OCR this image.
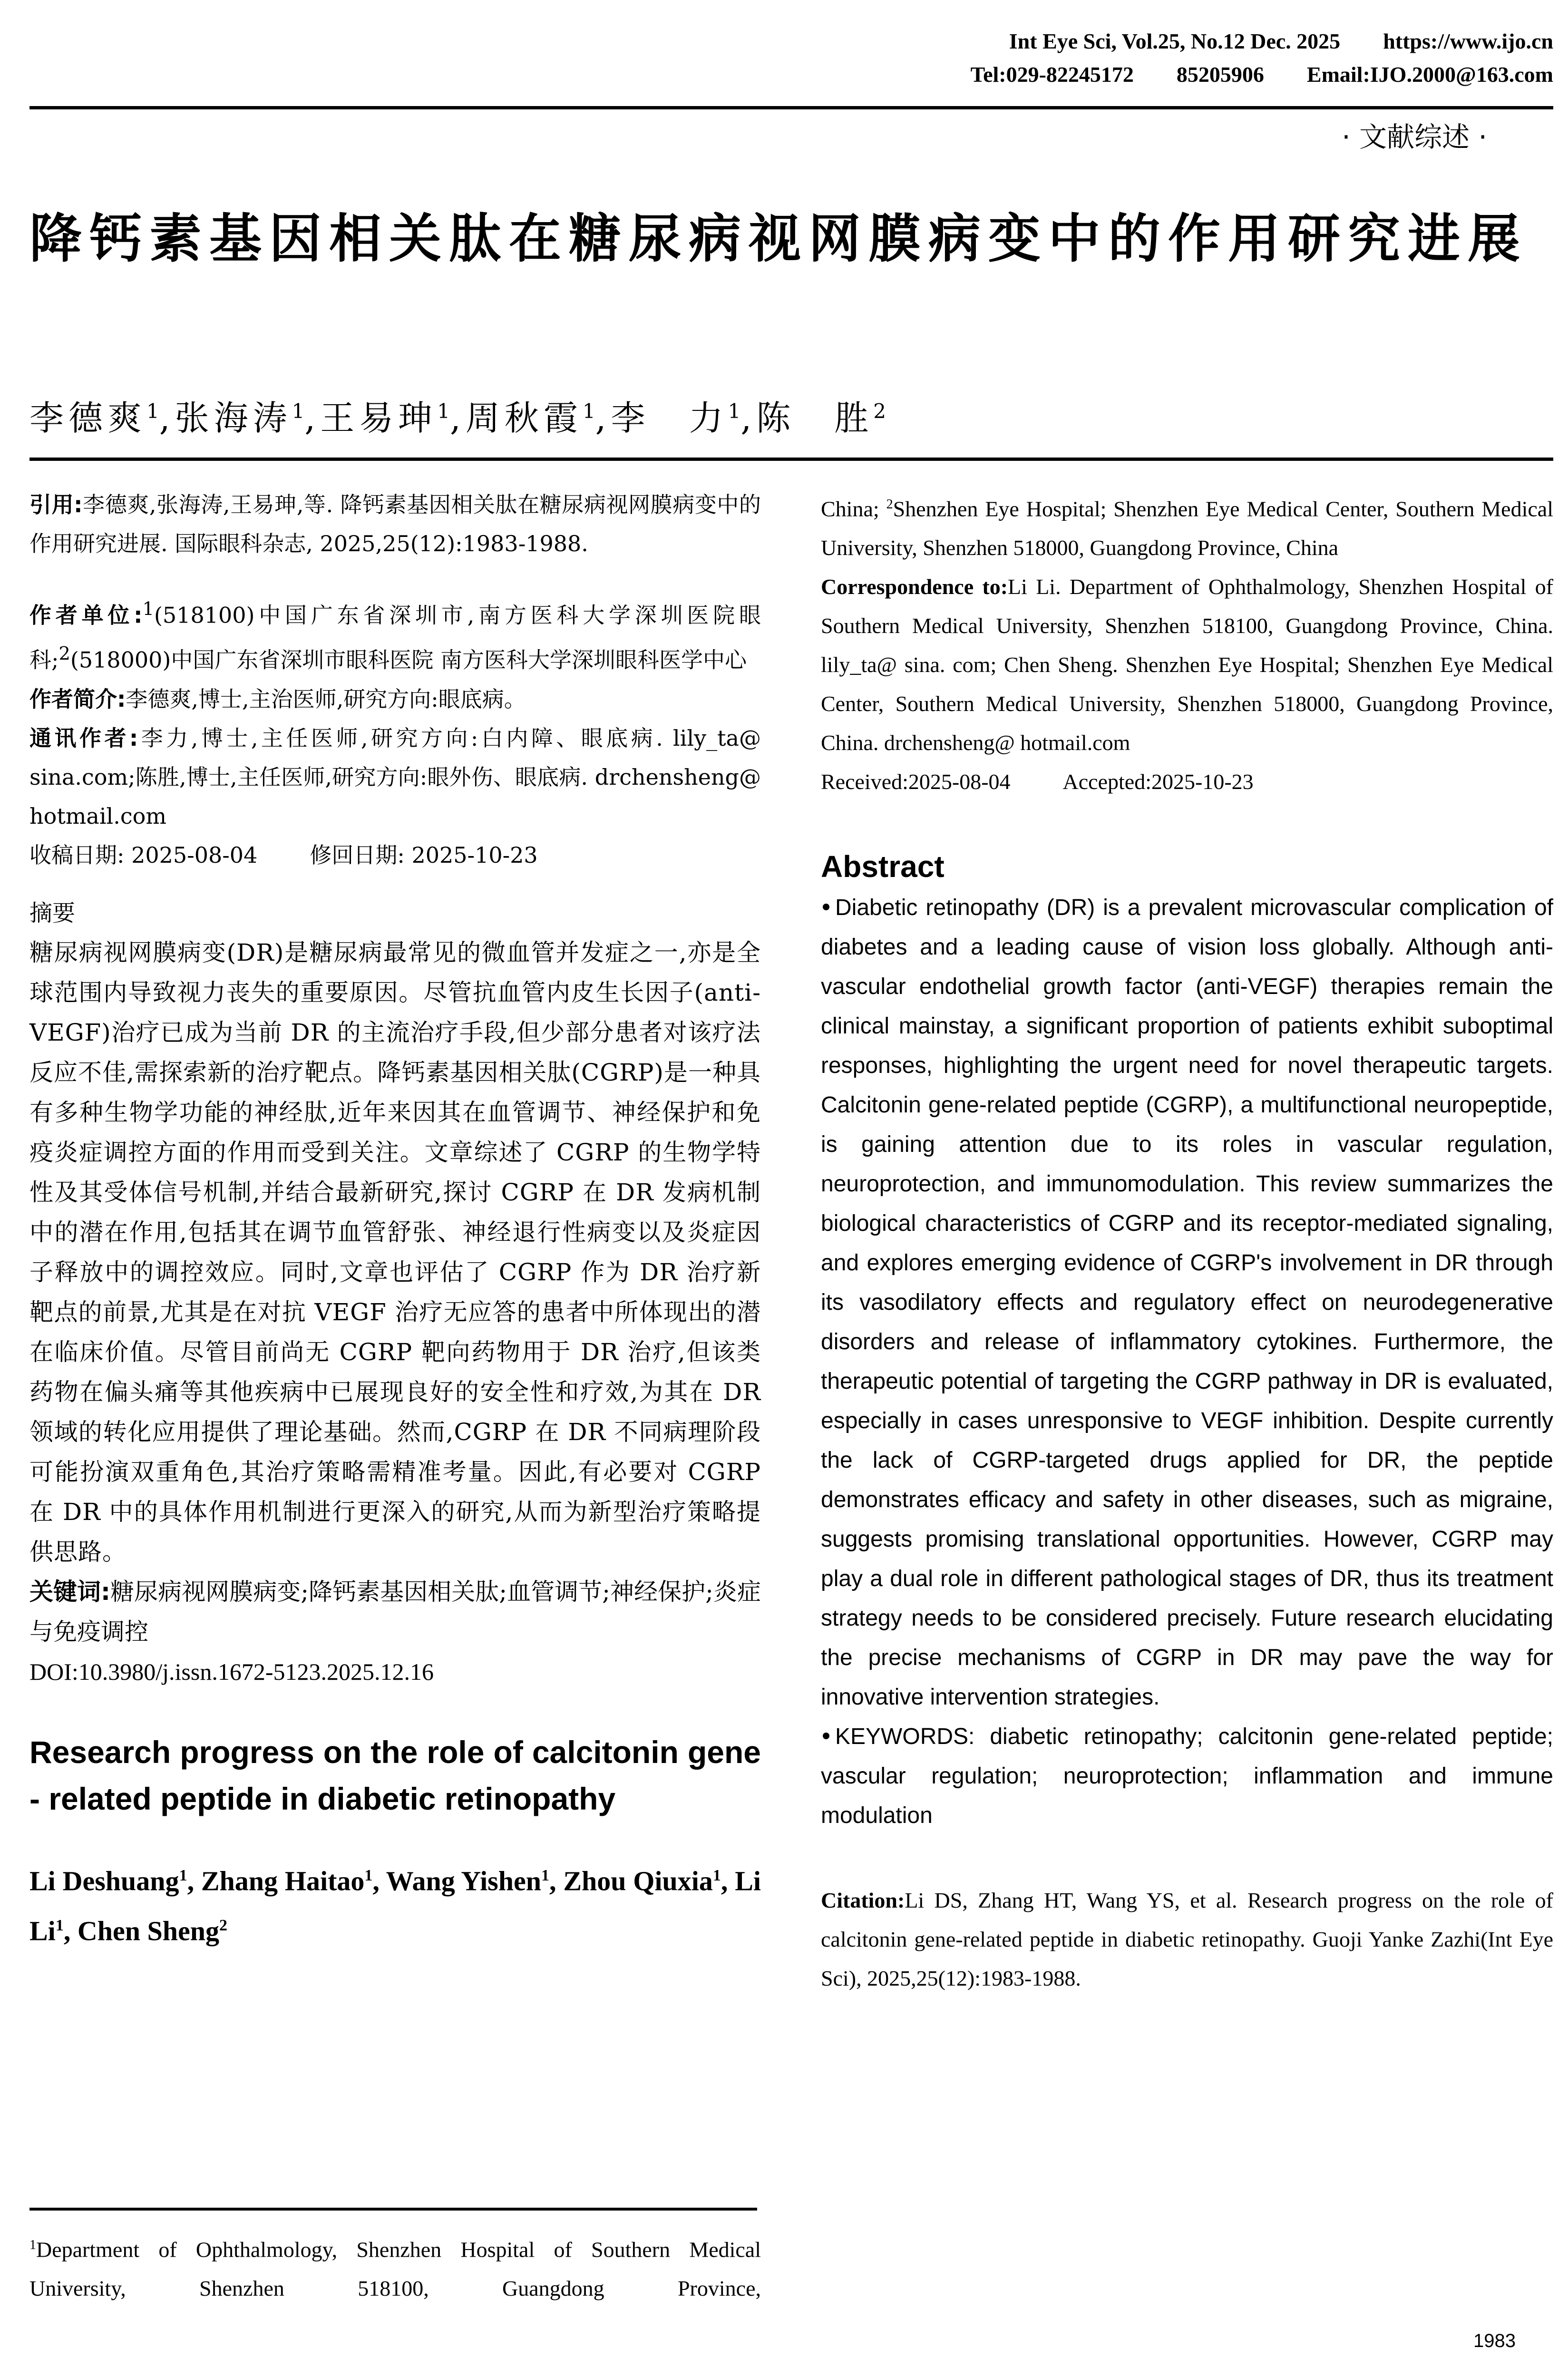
Int Eye Sci, Vol.25, No.12 Dec. 2025 https://www.ijo.cn
Tel:029-82245172 85205906 Email:IJO.2000@163.com
· 文献综述 ·
降钙素基因相关肽在糖尿病视网膜病变中的作用研究进展
李德爽$^1$,张海涛$^1$,王易珅$^1$,周秋霞$^1$,李　力$^1$,陈　胜$^2$

引用:李德爽,张海涛,王易珅,等. 降钙素基因相关肽在糖尿病视网膜病变中的作用研究进展. 国际眼科杂志, 2025,25(12):1983-1988.

作者单位:$^1$(518100)中国广东省深圳市,南方医科大学深圳医院眼科;$^2$(518000)中国广东省深圳市眼科医院 南方医科大学深圳眼科医学中心

作者简介:李德爽,博士,主治医师,研究方向:眼底病。

通讯作者:李力,博士,主任医师,研究方向:白内障、眼底病. lily_ta@ sina.com;陈胜,博士,主任医师,研究方向:眼外伤、眼底病. drchensheng@ hotmail.com

收稿日期: 2025-08-04 修回日期: 2025-10-23

摘要

糖尿病视网膜病变(DR)是糖尿病最常见的微血管并发症之一,亦是全球范围内导致视力丧失的重要原因。尽管抗血管内皮生长因子(anti-VEGF)治疗已成为当前 DR 的主流治疗手段,但少部分患者对该疗法反应不佳,需探索新的治疗靶点。降钙素基因相关肽(CGRP)是一种具有多种生物学功能的神经肽,近年来因其在血管调节、神经保护和免疫炎症调控方面的作用而受到关注。文章综述了 CGRP 的生物学特性及其受体信号机制,并结合最新研究,探讨 CGRP 在 DR 发病机制中的潜在作用,包括其在调节血管舒张、神经退行性病变以及炎症因子释放中的调控效应。同时,文章也评估了 CGRP 作为 DR 治疗新靶点的前景,尤其是在对抗 VEGF 治疗无应答的患者中所体现出的潜在临床价值。尽管目前尚无 CGRP 靶向药物用于 DR 治疗,但该类药物在偏头痛等其他疾病中已展现良好的安全性和疗效,为其在 DR 领域的转化应用提供了理论基础。然而,CGRP 在 DR 不同病理阶段可能扮演双重角色,其治疗策略需精准考量。因此,有必要对 CGRP 在 DR 中的具体作用机制进行更深入的研究,从而为新型治疗策略提供思路。

关键词:糖尿病视网膜病变;降钙素基因相关肽;血管调节;神经保护;炎症与免疫调控

DOI:10.3980/j.issn.1672-5123.2025.12.16

Research progress on the role of calcitonin gene - related peptide in diabetic retinopathy
Li Deshuang$^1$, Zhang Haitao$^1$, Wang Yishen$^1$, Zhou Qiuxia$^1$, Li Li$^1$, Chen Sheng$^2$
$^1$Department of Ophthalmology, Shenzhen Hospital of Southern Medical University, Shenzhen 518100, Guangdong Province,

China; $^2$Shenzhen Eye Hospital; Shenzhen Eye Medical Center, Southern Medical University, Shenzhen 518000, Guangdong Province, China

Correspondence to:Li Li. Department of Ophthalmology, Shenzhen Hospital of Southern Medical University, Shenzhen 518100, Guangdong Province, China. lily_ta@ sina. com; Chen Sheng. Shenzhen Eye Hospital; Shenzhen Eye Medical Center, Southern Medical University, Shenzhen 518000, Guangdong Province, China. drchensheng@ hotmail.com

Received:2025-08-04 Accepted:2025-10-23

Abstract

Diabetic retinopathy (DR) is a prevalent microvascular complication of diabetes and a leading cause of vision loss globally. Although anti-vascular endothelial growth factor (anti-VEGF) therapies remain the clinical mainstay, a significant proportion of patients exhibit suboptimal responses, highlighting the urgent need for novel therapeutic targets. Calcitonin gene-related peptide (CGRP), a multifunctional neuropeptide, is gaining attention due to its roles in vascular regulation, neuroprotection, and immunomodulation. This review summarizes the biological characteristics of CGRP and its receptor-mediated signaling, and explores emerging evidence of CGRP's involvement in DR through its vasodilatory effects and regulatory effect on neurodegenerative disorders and release of inflammatory cytokines. Furthermore, the therapeutic potential of targeting the CGRP pathway in DR is evaluated, especially in cases unresponsive to VEGF inhibition. Despite currently the lack of CGRP-targeted drugs applied for DR, the peptide demonstrates efficacy and safety in other diseases, such as migraine, suggests promising translational opportunities. However, CGRP may play a dual role in different pathological stages of DR, thus its treatment strategy needs to be considered precisely. Future research elucidating the precise mechanisms of CGRP in DR may pave the way for innovative intervention strategies.

KEYWORDS: diabetic retinopathy; calcitonin gene-related peptide; vascular regulation; neuroprotection; inflammation and immune modulation

Citation:Li DS, Zhang HT, Wang YS, et al. Research progress on the role of calcitonin gene-related peptide in diabetic retinopathy. Guoji Yanke Zazhi(Int Eye Sci), 2025,25(12):1983-1988.

1983
